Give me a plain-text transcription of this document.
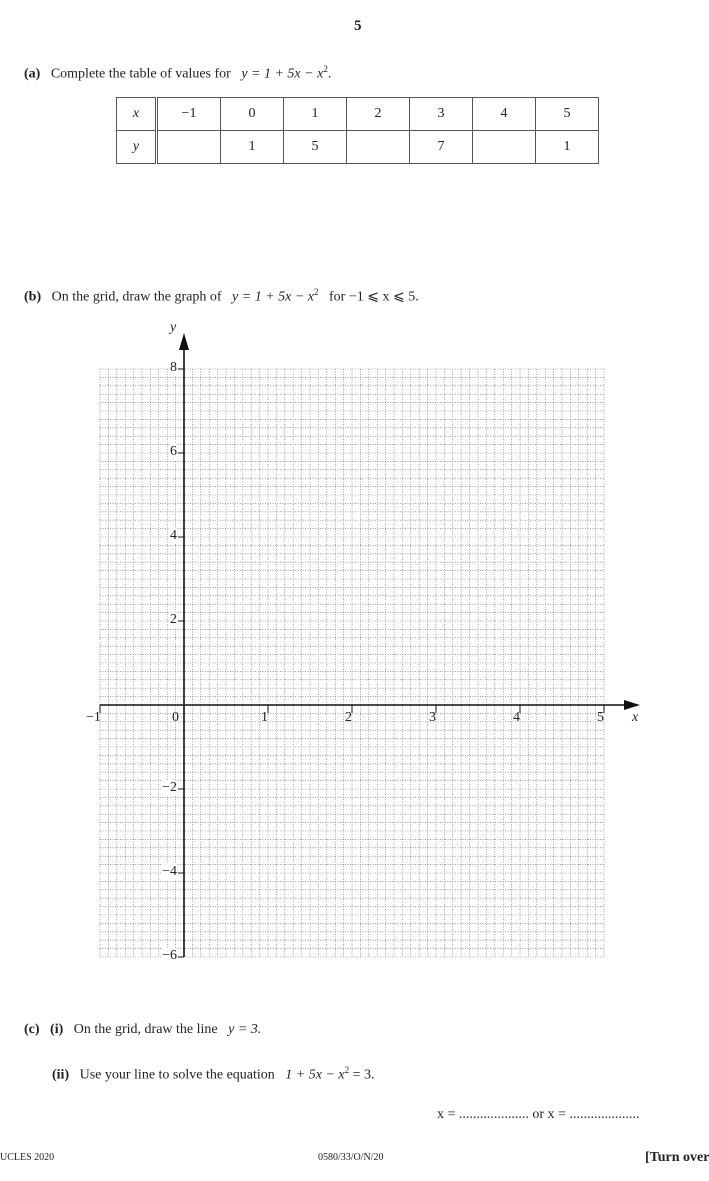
5
(a) Complete the table of values for $y = 1 + 5x - x^2$.
x	−1	0	1	2	3	4	5
y		1	5		7		1
(b) On the grid, draw the graph of $y = 1 + 5x - x^2$ for −1 ⩽ x ⩽ 5.
y
x
−1	0	1	2	3	4	5
8
6
4
2
−2
−4
−6
(c) (i) On the grid, draw the line y = 3.
(ii) Use your line to solve the equation $1 + 5x - x^2 = 3$.
x = .................... or x = ....................
UCLES 2020	0580/33/O/N/20	[Turn over
